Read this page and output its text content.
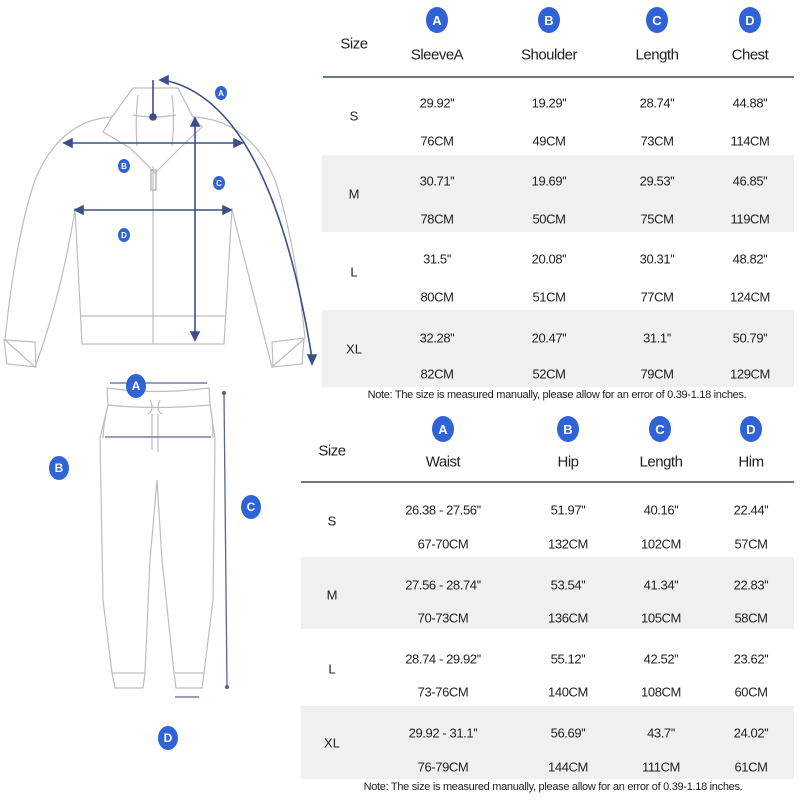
A
B
C
D
A
B
C
D
Size
A	B	C	D
SleeveA	Shoulder	Length	Chest
S
29.92''	19.29''	28.74''	44.88''
76CM	49CM	73CM	114CM
M
30.71''	19.69''	29.53''	46.85''
78CM	50CM	75CM	119CM
L
31.5''	20.08''	30.31''	48.82''
80CM	51CM	77CM	124CM
XL
32.28''	20.47''	31.1''	50.79''
82CM	52CM	79CM	129CM
Note: The size is measured manually, please allow for an error of 0.39-1.18 inches.
Size
A	B	C	D
Waist	Hip	Length	Him
S
26.38 - 27.56''	51.97''	40.16''	22.44''
67-70CM	132CM	102CM	57CM
M
27.56 - 28.74''	53.54''	41.34''	22.83''
70-73CM	136CM	105CM	58CM
L
28.74 - 29.92''	55.12''	42.52''	23.62''
73-76CM	140CM	108CM	60CM
XL
29.92 - 31.1''	56.69''	43.7''	24.02''
76-79CM	144CM	111CM	61CM
Note: The size is measured manually, please allow for an error of 0.39-1.18 inches.
